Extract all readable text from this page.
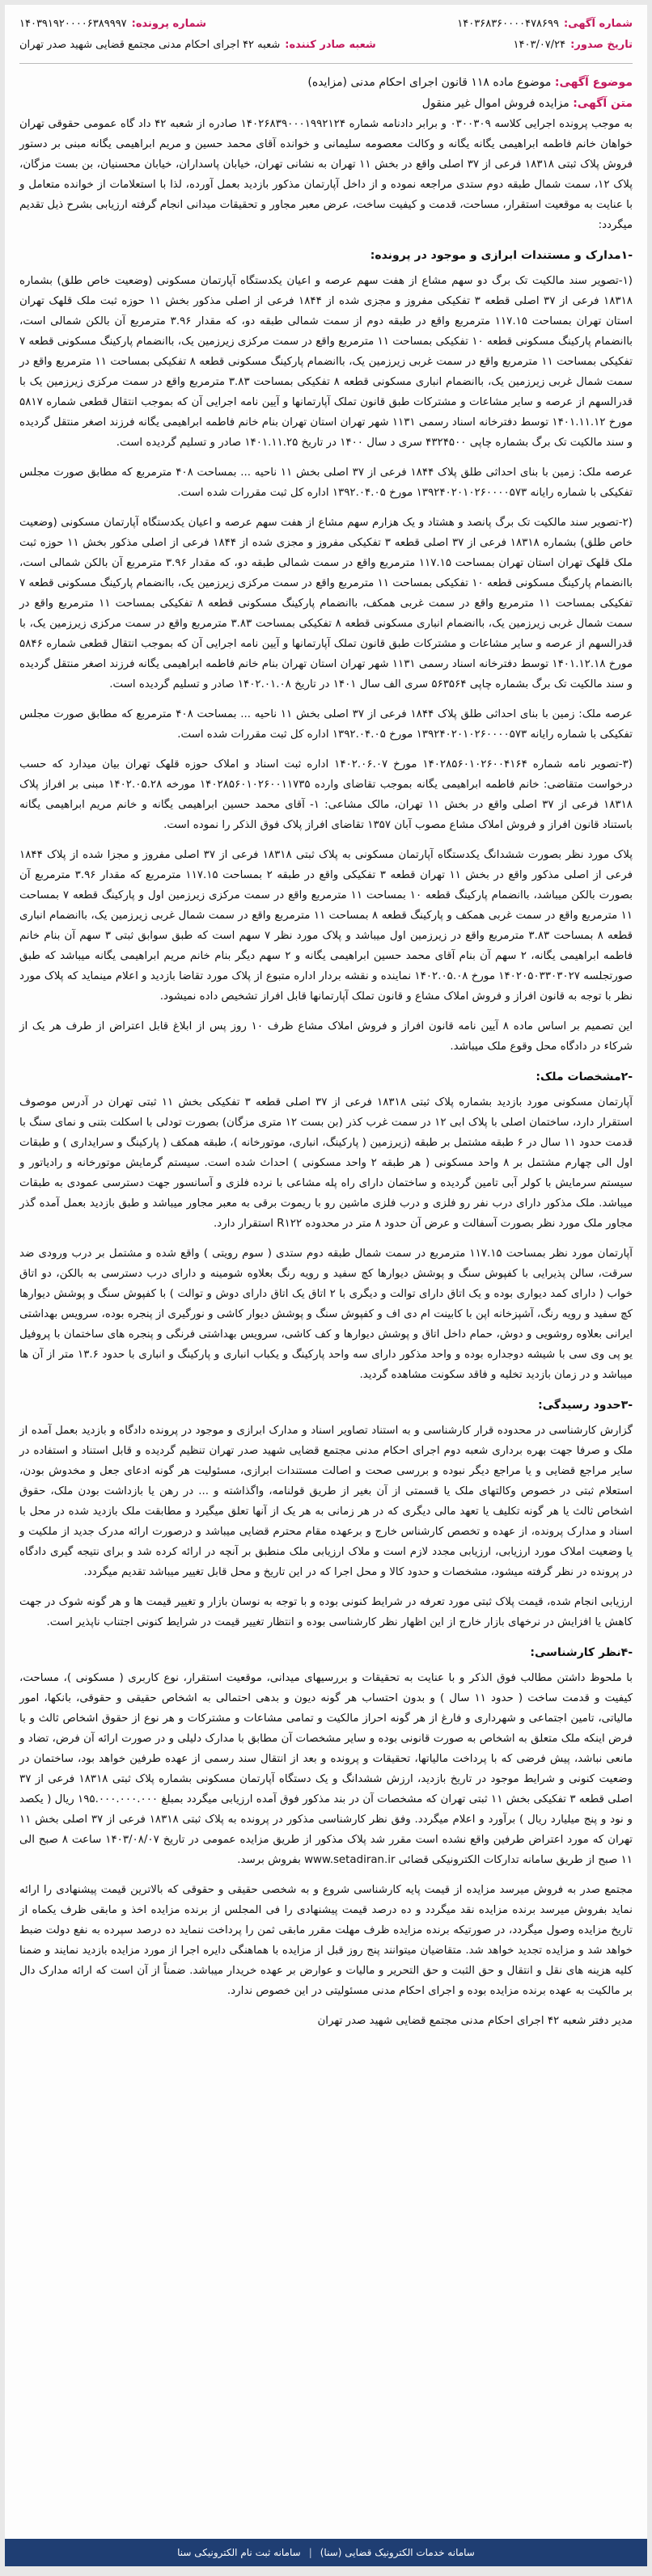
شماره آگهی:
۱۴۰۳۶۸۳۶۰۰۰۰۴۷۸۶۹۹
شماره پرونده:
۱۴۰۳۹۱۹۲۰۰۰۰۶۳۸۹۹۹۷
تاریخ صدور:
۱۴۰۳/۰۷/۲۴
شعبه صادر کننده:
شعبه ۴۲ اجرای احکام مدنی مجتمع قضایی شهید صدر تهران
موضوع آگهی: موضوع ماده ۱۱۸ قانون اجرای احکام مدنی (مزایده)
متن آگهی: مزایده فروش اموال غیر منقول

به موجب پرونده اجرایی کلاسه ۰۳۰۰۳۰۹ و برابر دادنامه شماره ۱۴۰۲۶۸۳۹۰۰۰۱۹۹۲۱۲۴ صادره از شعبه ۴۲ داد گاه عمومی حقوقی تهران خواهان خانم فاطمه ابراهیمی یگانه یگانه و وکالت معصومه سلیمانی و خوانده آقای محمد حسین و مریم ابراهیمی یگانه مبنی بر دستور فروش پلاک ثبتی ۱۸۳۱۸ فرعی از ۳۷ اصلی واقع در بخش ۱۱ تهران به نشانی تهران، خیابان پاسداران، خیابان محسنیان، بن بست مزگان، پلاک ۱۲، سمت شمال طبقه دوم ستدی مراجعه نموده و از داخل آپارتمان مذکور بازدید بعمل آورده، لذا با استعلامات از خوانده متعامل و با عنایت به موقعیت استقرار، مساحت، قدمت و کیفیت ساخت، عرض معبر مجاور و تحقیقات میدانی انجام گرفته ارزیابی بشرح ذیل تقدیم میگردد:

-۱مدارک و مستندات ابرازی و موجود در پرونده:

(۱-تصویر سند مالکیت تک برگ دو سهم مشاع از هفت سهم عرصه و اعیان یکدستگاه آپارتمان مسکونی (وضعیت خاص طلق) بشماره ۱۸۳۱۸ فرعی از ۳۷ اصلی قطعه ۳ تفکیکی مفروز و مجزی شده از ۱۸۴۴ فرعی از اصلی مذکور بخش ۱۱ حوزه ثبت ملک قلهک تهران استان تهران بمساحت ۱۱۷.۱۵ مترمربع واقع در طبقه دوم از سمت شمالی طبقه دو، که مقدار ۳.۹۶ مترمربع آن بالکن شمالی است، باانضمام پارکینگ مسکونی قطعه ۱۰ تفکیکی بمساحت ۱۱ مترمربع واقع در سمت مرکزی زیرزمین یک، باانضمام پارکینگ مسکونی قطعه ۷ تفکیکی بمساحت ۱۱ مترمربع واقع در سمت غربی زیرزمین یک، باانضمام پارکینگ مسکونی قطعه ۸ تفکیکی بمساحت ۱۱ مترمربع واقع در سمت شمال غربی زیرزمین یک، باانضمام انباری مسکونی قطعه ۸ تفکیکی بمساحت ۳.۸۳ مترمربع واقع در سمت مرکزی زیرزمین یک با قدرالسهم از عرصه و سایر مشاعات و مشترکات طبق قانون تملک آپارتمانها و آیین نامه اجرایی آن که بموجب انتقال قطعی شماره ۵۸۱۷ مورخ ۱۴۰۱.۱۱.۱۲ توسط دفترخانه اسناد رسمی ۱۱۳۱ شهر تهران استان تهران بنام خانم فاطمه ابراهیمی یگانه فرزند اصغر منتقل گردیده و سند مالکیت تک برگ بشماره چاپی ۴۳۲۴۵۰۰ سری د سال ۱۴۰۰ در تاریخ ۱۴۰۱.۱۱.۲۵ صادر و تسلیم گردیده است.

عرصه ملک: زمین با بنای احداثی طلق پلاک ۱۸۴۴ فرعی از ۳۷ اصلی بخش ۱۱ ناحیه ... بمساحت ۴۰۸ مترمربع که مطابق صورت مجلس تفکیکی با شماره رایانه ۱۳۹۲۴۰۲۰۱۰۲۶۰۰۰۰۵۷۳ مورخ ۱۳۹۲.۰۴.۰۵ اداره کل ثبت مقررات شده است.

(۲-تصویر سند مالکیت تک برگ پانصد و هشتاد و یک هزارم سهم مشاع از هفت سهم عرصه و اعیان یکدستگاه آپارتمان مسکونی (وضعیت خاص طلق) بشماره ۱۸۳۱۸ فرعی از ۳۷ اصلی قطعه ۳ تفکیکی مفروز و مجزی شده از ۱۸۴۴ فرعی از اصلی مذکور بخش ۱۱ حوزه ثبت ملک قلهک تهران استان تهران بمساحت ۱۱۷.۱۵ مترمربع واقع در سمت شمالی طبقه دو، که مقدار ۳.۹۶ مترمربع آن بالکن شمالی است، باانضمام پارکینگ مسکونی قطعه ۱۰ تفکیکی بمساحت ۱۱ مترمربع واقع در سمت مرکزی زیرزمین یک، باانضمام پارکینگ مسکونی قطعه ۷ تفکیکی بمساحت ۱۱ مترمربع واقع در سمت غربی همکف، باانضمام پارکینگ مسکونی قطعه ۸ تفکیکی بمساحت ۱۱ مترمربع واقع در سمت شمال غربی زیرزمین یک، باانضمام انباری مسکونی قطعه ۸ تفکیکی بمساحت ۳.۸۳ مترمربع واقع در سمت مرکزی زیرزمین یک، با قدرالسهم از عرصه و سایر مشاعات و مشترکات طبق قانون تملک آپارتمانها و آیین نامه اجرایی آن که بموجب انتقال قطعی شماره ۵۸۴۶ مورخ ۱۴۰۱.۱۲.۱۸ توسط دفترخانه اسناد رسمی ۱۱۳۱ شهر تهران استان تهران بنام خانم فاطمه ابراهیمی یگانه فرزند اصغر منتقل گردیده و سند مالکیت تک برگ بشماره چاپی ۵۶۳۵۶۴ سری الف سال ۱۴۰۱ در تاریخ ۱۴۰۲.۰۱.۰۸ صادر و تسلیم گردیده است.

عرصه ملک: زمین با بنای احداثی طلق پلاک ۱۸۴۴ فرعی از ۳۷ اصلی بخش ۱۱ ناحیه ... بمساحت ۴۰۸ مترمربع که مطابق صورت مجلس تفکیکی با شماره رایانه ۱۳۹۲۴۰۲۰۱۰۲۶۰۰۰۰۵۷۳ مورخ ۱۳۹۲.۰۴.۰۵ اداره کل ثبت مقررات شده است.

(۳-تصویر نامه شماره ۱۴۰۲۸۵۶۰۱۰۲۶۰۰۴۱۶۴ مورخ ۱۴۰۲.۰۶.۰۷ اداره ثبت اسناد و املاک حوزه قلهک تهران بیان میدارد که حسب درخواست متقاضی: خانم فاطمه ابراهیمی یگانه بموجب تقاضای وارده ۱۴۰۲۸۵۶۰۱۰۲۶۰۰۱۱۷۳۵ مورخه ۱۴۰۲.۰۵.۲۸ مبنی بر افراز پلاک ۱۸۳۱۸ فرعی از ۳۷ اصلی واقع در بخش ۱۱ تهران، مالک مشاعی: ۱- آقای محمد حسین ابراهیمی یگانه و خانم مریم ابراهیمی یگانه باستناد قانون افراز و فروش املاک مشاع مصوب آبان ۱۳۵۷ تقاضای افراز پلاک فوق الذکر را نموده است.

پلاک مورد نظر بصورت ششدانگ یکدستگاه آپارتمان مسکونی به پلاک ثبتی ۱۸۳۱۸ فرعی از ۳۷ اصلی مفروز و مجزا شده از پلاک ۱۸۴۴ فرعی از اصلی مذکور واقع در بخش ۱۱ تهران قطعه ۳ تفکیکی واقع در طبقه ۲ بمساحت ۱۱۷.۱۵ مترمربع که مقدار ۳.۹۶ مترمربع آن بصورت بالکن میباشد، باانضمام پارکینگ قطعه ۱۰ بمساحت ۱۱ مترمربع واقع در سمت مرکزی زیرزمین اول و پارکینگ قطعه ۷ بمساحت ۱۱ مترمربع واقع در سمت غربی همکف و پارکینگ قطعه ۸ بمساحت ۱۱ مترمربع واقع در سمت شمال غربی زیرزمین یک، باانضمام انباری قطعه ۸ بمساحت ۳.۸۳ مترمربع واقع در زیرزمین اول میباشد و پلاک مورد نظر ۷ سهم است که طبق سوابق ثبتی ۳ سهم آن بنام خانم فاطمه ابراهیمی یگانه، ۲ سهم آن بنام آقای محمد حسین ابراهیمی یگانه و ۲ سهم دیگر بنام خانم مریم ابراهیمی یگانه میباشد که طبق صورتجلسه ۱۴۰۲۰۵۰۳۳۰۳۰۲۷ مورخ ۱۴۰۲.۰۵.۰۸ نماینده و نقشه بردار اداره متبوع از پلاک مورد تقاضا بازدید و اعلام مینماید که پلاک مورد نظر با توجه به قانون افراز و فروش املاک مشاع و قانون تملک آپارتمانها قابل افراز تشخیص داده نمیشود.

این تصمیم بر اساس ماده ۸ آیین نامه قانون افراز و فروش املاک مشاع ظرف ۱۰ روز پس از ابلاغ قابل اعتراض از طرف هر یک از شرکاء در دادگاه محل وقوع ملک میباشد.

-۲مشخصات ملک:

آپارتمان مسکونی مورد بازدید بشماره پلاک ثبتی ۱۸۳۱۸ فرعی از ۳۷ اصلی قطعه ۳ تفکیکی بخش ۱۱ ثبتی تهران در آدرس موصوف استقرار دارد، ساختمان اصلی با پلاک ابی ۱۲ در سمت غرب کذر (بن بست ۱۲ متری مزگان) بصورت تودلی با اسکلت بتنی و نمای سنگ با قدمت حدود ۱۱ سال در ۶ طبقه مشتمل بر طبقه (زیرزمین ( پارکینگ، انباری، موتورخانه )، طبقه همکف ( پارکینگ و سرایداری ) و طبقات اول الی چهارم مشتمل بر ۸ واحد مسکونی ( هر طبقه ۲ واحد مسکونی ) احداث شده است. سیستم گرمایش موتورخانه و رادیاتور و سیستم سرمایش با کولر آبی تامین گردیده و ساختمان دارای راه پله مشاعی با نرده فلزی و آسانسور جهت دسترسی عمودی به طبقات میباشد. ملک مذکور دارای درب نفر رو فلزی و درب فلزی ماشین رو با ریموت برقی به معبر مجاور میباشد و طبق بازدید بعمل آمده گذر مجاور ملک مورد نظر بصورت آسفالت و عرض آن حدود ۸ متر در محدوده R۱۲۲ استقرار دارد.

آپارتمان مورد نظر بمساحت ۱۱۷.۱۵ مترمربع در سمت شمال طبقه دوم ستدی ( سوم رویتی ) واقع شده و مشتمل بر درب ورودی ضد سرقت، سالن پذیرایی با کفپوش سنگ و پوشش دیوارها کچ سفید و رویه رنگ بعلاوه شومینه و دارای درب دسترسی به بالکن، دو اتاق خواب ( دارای کمد دیواری بوده و یک اتاق دارای توالت و دیگری با ۲ اتاق یک اتاق دارای دوش و توالت ) با کفپوش سنگ و پوشش دیوارها کچ سفید و رویه رنگ، آشپزخانه اپن با کابینت ام دی اف و کفپوش سنگ و پوشش دیوار کاشی و نورگیری از پنجره بوده، سرویس بهداشتی ایرانی بعلاوه روشویی و دوش، حمام داخل اتاق و پوشش دیوارها و کف کاشی، سرویس بهداشتی فرنگی و پنجره های ساختمان با پروفیل یو پی وی سی با شیشه دوجداره بوده و واحد مذکور دارای سه واحد پارکینگ و یکباب انباری و پارکینگ و انباری با حدود ۱۳.۶ متر از آن ها میباشد و در زمان بازدید تخلیه و فاقد سکونت مشاهده گردید.

-۳حدود رسیدگی:

گزارش کارشناسی در محدوده قرار کارشناسی و به استناد تصاویر اسناد و مدارک ابرازی و موجود در پرونده دادگاه و بازدید بعمل آمده از ملک و صرفا جهت بهره برداری شعبه دوم اجرای احکام مدنی مجتمع قضایی شهید صدر تهران تنظیم گردیده و قابل استناد و استفاده در سایر مراجع قضایی و یا مراجع دیگر نبوده و بررسی صحت و اصالت مستندات ابرازی، مسئولیت هر گونه ادعای جعل و مخدوش بودن، استعلام ثبتی در خصوص وکالتهای ملک یا قسمتی از آن بغیر از طریق قولنامه، واگذاشته و ... در رهن یا بازداشت بودن ملک، حقوق اشخاص ثالث یا هر گونه تکلیف یا تعهد مالی دیگری که در هر زمانی به هر یک از آنها تعلق میگیرد و مطابقت ملک بازدید شده در محل با اسناد و مدارک پرونده، از عهده و تخصص کارشناس خارج و برعهده مقام محترم قضایی میباشد و درصورت ارائه مدرک جدید از ملکیت و یا وضعیت املاک مورد ارزیابی، ارزیابی مجدد لازم است و ملاک ارزیابی ملک منطبق بر آنچه در ارائه کرده شد و برای نتیجه گیری دادگاه در پرونده در نظر گرفته میشود، مشخصات و حدود کالا و محل اجرا که در این تاریخ و محل قابل تغییر میباشد تقدیم میگردد.

ارزیابی انجام شده، قیمت پلاک ثبتی مورد تعرفه در شرایط کنونی بوده و با توجه به نوسان بازار و تغییر قیمت ها و هر گونه شوک در جهت کاهش یا افزایش در نرخهای بازار خارج از این اظهار نظر کارشناسی بوده و انتظار تغییر قیمت در شرایط کنونی اجتناب ناپذیر است.

-۴نظر کارشناسی:

با ملحوظ داشتن مطالب فوق الذکر و با عنایت به تحقیقات و بررسیهای میدانی، موقعیت استقرار، نوع کاربری ( مسکونی )، مساحت، کیفیت و قدمت ساخت ( حدود ۱۱ سال ) و بدون احتساب هر گونه دیون و بدهی احتمالی به اشخاص حقیقی و حقوقی، بانکها، امور مالیاتی، تامین اجتماعی و شهرداری و فارغ از هر گونه احراز مالکیت و تمامی مشاعات و مشترکات و هر نوع از حقوق اشخاص ثالث و با فرض اینکه ملک متعلق به اشخاص به صورت قانونی بوده و سایر مشخصات آن مطابق با مدارک دلیلی و در صورت ارائه آن فرض، تضاد و مانعی نباشد، پیش فرضی که با پرداخت مالیاتها، تحقیقات و پرونده و بعد از انتقال سند رسمی از عهده طرفین خواهد بود، ساختمان در وضعیت کنونی و شرایط موجود در تاریخ بازدید، ارزش ششدانگ و یک دستگاه آپارتمان مسکونی بشماره پلاک ثبتی ۱۸۳۱۸ فرعی از ۳۷ اصلی قطعه ۳ تفکیکی بخش ۱۱ ثبتی تهران که مشخصات آن در بند مذکور فوق آمده ارزیابی میگردد بمبلغ ۱۹۵.۰۰۰.۰۰۰.۰۰۰ ریال ( یکصد و نود و پنج میلیارد ریال ) برآورد و اعلام میگردد. وفق نظر کارشناسی مذکور در پرونده به پلاک ثبتی ۱۸۳۱۸ فرعی از ۳۷ اصلی بخش ۱۱ تهران که مورد اعتراض طرفین واقع نشده است مقرر شد پلاک مذکور از طریق مزایده عمومی در تاریخ ۱۴۰۳/۰۸/۰۷ ساعت ۸ صبح الی ۱۱ صبح از طریق سامانه تدارکات الکترونیکی قضائی www.setadiran.ir بفروش برسد.

مجتمع صدر به فروش میرسد مزایده از قیمت پایه کارشناسی شروع و به شخصی حقیقی و حقوقی که بالاترین قیمت پیشنهادی را ارائه نماید بفروش میرسد برنده مزایده نقد میگردد و ده درصد قیمت پیشنهادی را فی المجلس از برنده مزایده اخذ و مابقی ظرف یکماه از تاریخ مزایده وصول میگردد، در صورتیکه برنده مزایده ظرف مهلت مقرر مابقی ثمن را پرداخت ننماید ده درصد سپرده به نفع دولت ضبط خواهد شد و مزایده تجدید خواهد شد. متقاضیان میتوانند پنج روز قبل از مزایده با هماهنگی دایره اجرا از مورد مزایده بازدید نمایند و ضمنا کلیه هزینه های نقل و انتقال و حق الثبت و حق التحریر و مالیات و عوارض بر عهده خریدار میباشد. ضمناً از آن است که ارائه مدارک دال بر مالکیت به عهده برنده مزایده بوده و اجرای احکام مدنی مسئولیتی در این خصوص ندارد.

مدیر دفتر شعبه ۴۲ اجرای احکام مدنی مجتمع قضایی شهید صدر تهران

سامانه خدمات الکترونیک قضایی (سنا)
|
سامانه ثبت نام الکترونیکی سنا
